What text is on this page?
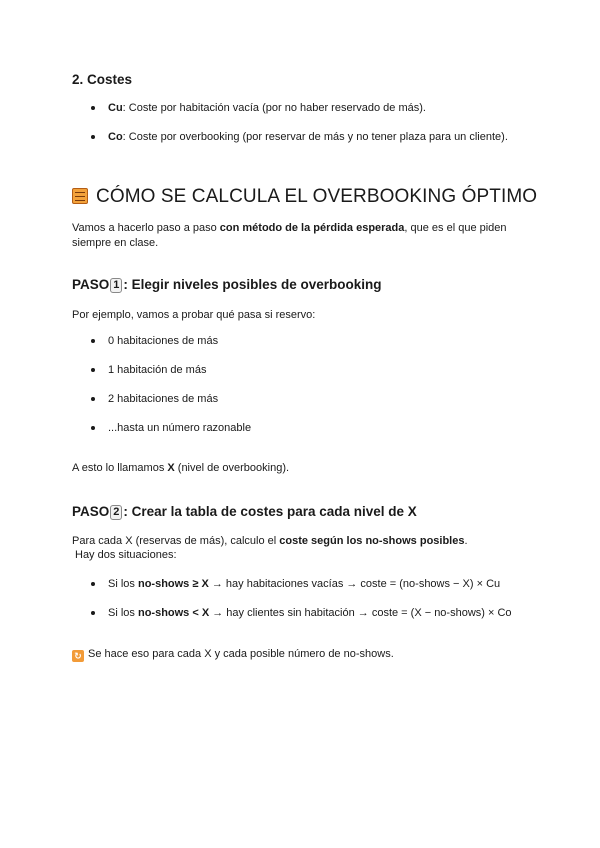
2. Costes
Cu: Coste por habitación vacía (por no haber reservado de más).
Co: Coste por overbooking (por reservar de más y no tener plaza para un cliente).
CÓMO SE CALCULA EL OVERBOOKING ÓPTIMO
Vamos a hacerlo paso a paso con método de la pérdida esperada, que es el que piden
siempre en clase.
PASO 1 : Elegir niveles posibles de overbooking
Por ejemplo, vamos a probar qué pasa si reservo:
0 habitaciones de más
1 habitación de más
2 habitaciones de más
...hasta un número razonable
A esto lo llamamos X (nivel de overbooking).
PASO 2 : Crear la tabla de costes para cada nivel de X
Para cada X (reservas de más), calculo el coste según los no-shows posibles.
Hay dos situaciones:
Si los no-shows ≥ X → hay habitaciones vacías → coste = (no-shows − X) × Cu
Si los no-shows < X → hay clientes sin habitación → coste = (X − no-shows) × Co
↻ Se hace eso para cada X y cada posible número de no-shows.
